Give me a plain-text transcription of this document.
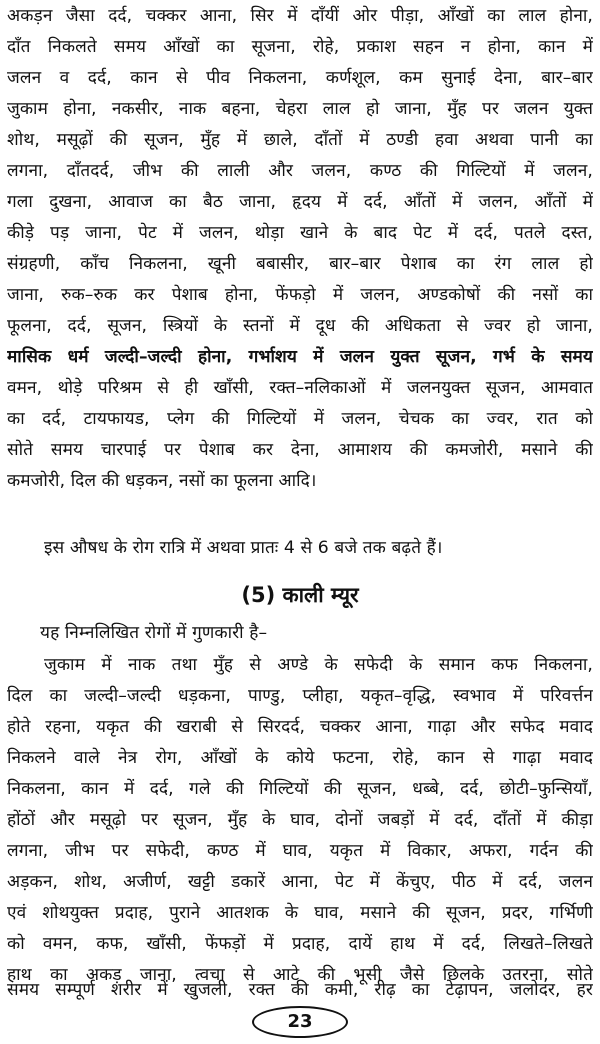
अकड़न जैसा दर्द, चक्कर आना, सिर में दाँयीं ओर पीड़ा, आँखों का लाल होना,
दाँत निकलते समय आँखों का सूजना, रोहे, प्रकाश सहन न होना, कान में
जलन व दर्द, कान से पीव निकलना, कर्णशूल, कम सुनाई देना, बार–बार
जुकाम होना, नकसीर, नाक बहना, चेहरा लाल हो जाना, मुँह पर जलन युक्त
शोथ, मसूढ़ों की सूजन, मुँह में छाले, दाँतों में ठण्डी हवा अथवा पानी का
लगना, दाँतदर्द, जीभ की लाली और जलन, कण्ठ की गिल्टियों में जलन,
गला दुखना, आवाज का बैठ जाना, हृदय में दर्द, आँतों में जलन, आँतों में
कीड़े पड़ जाना, पेट में जलन, थोड़ा खाने के बाद पेट में दर्द, पतले दस्त,
संग्रहणी, काँच निकलना, खूनी बबासीर, बार–बार पेशाब का रंग लाल हो
जाना, रुक–रुक कर पेशाब होना, फेंफड़ो में जलन, अण्डकोषों की नसों का
फूलना, दर्द, सूजन, स्त्रियों के स्तनों में दूध की अधिकता से ज्वर हो जाना,
मासिक धर्म जल्दी–जल्दी होना, गर्भाशय में जलन युक्त सूजन, गर्भ के समय
वमन, थोड़े परिश्रम से ही खाँसी, रक्त–नलिकाओं में जलनयुक्त सूजन, आमवात
का दर्द, टायफायड, प्लेग की गिल्टियों में जलन, चेचक का ज्वर, रात को
सोते समय चारपाई पर पेशाब कर देना, आमाशय की कमजोरी, मसाने की
कमजोरी, दिल की धड़कन, नसों का फूलना आदि।
इस औषध के रोग रात्रि में अथवा प्रातः 4 से 6 बजे तक बढ़ते हैं।
(5) काली म्यूर
यह निम्नलिखित रोगों में गुणकारी है–
जुकाम में नाक तथा मुँह से अण्डे के सफेदी के समान कफ निकलना,
दिल का जल्दी–जल्दी धड़कना, पाण्डु, प्लीहा, यकृत–वृद्धि, स्वभाव में परिवर्त्तन
होते रहना, यकृत की खराबी से सिरदर्द, चक्कर आना, गाढ़ा और सफेद मवाद
निकलने वाले नेत्र रोग, आँखों के कोये फटना, रोहे, कान से गाढ़ा मवाद
निकलना, कान में दर्द, गले की गिल्टियों की सूजन, धब्बे, दर्द, छोटी–फुन्सियाँ,
होंठों और मसूढ़ो पर सूजन, मुँह के घाव, दोनों जबड़ों में दर्द, दाँतों में कीड़ा
लगना, जीभ पर सफेदी, कण्ठ में घाव, यकृत में विकार, अफरा, गर्दन की
अड़कन, शोथ, अजीर्ण, खट्टी डकारें आना, पेट में केंचुए, पीठ में दर्द, जलन
एवं शोथयुक्त प्रदाह, पुराने आतशक के घाव, मसाने की सूजन, प्रदर, गर्भिणी
को वमन, कफ, खाँसी, फेंफड़ों में प्रदाह, दायें हाथ में दर्द, लिखते–लिखते
हाथ का अकड़ जाना, त्वचा से आटे की भूसी जैसे छिलके उतरना, सोते
23
समय सम्पूर्ण शरीर में खुजली, रक्त की कमी, रीढ़ का टेढ़ापन, जलोदर, हर
